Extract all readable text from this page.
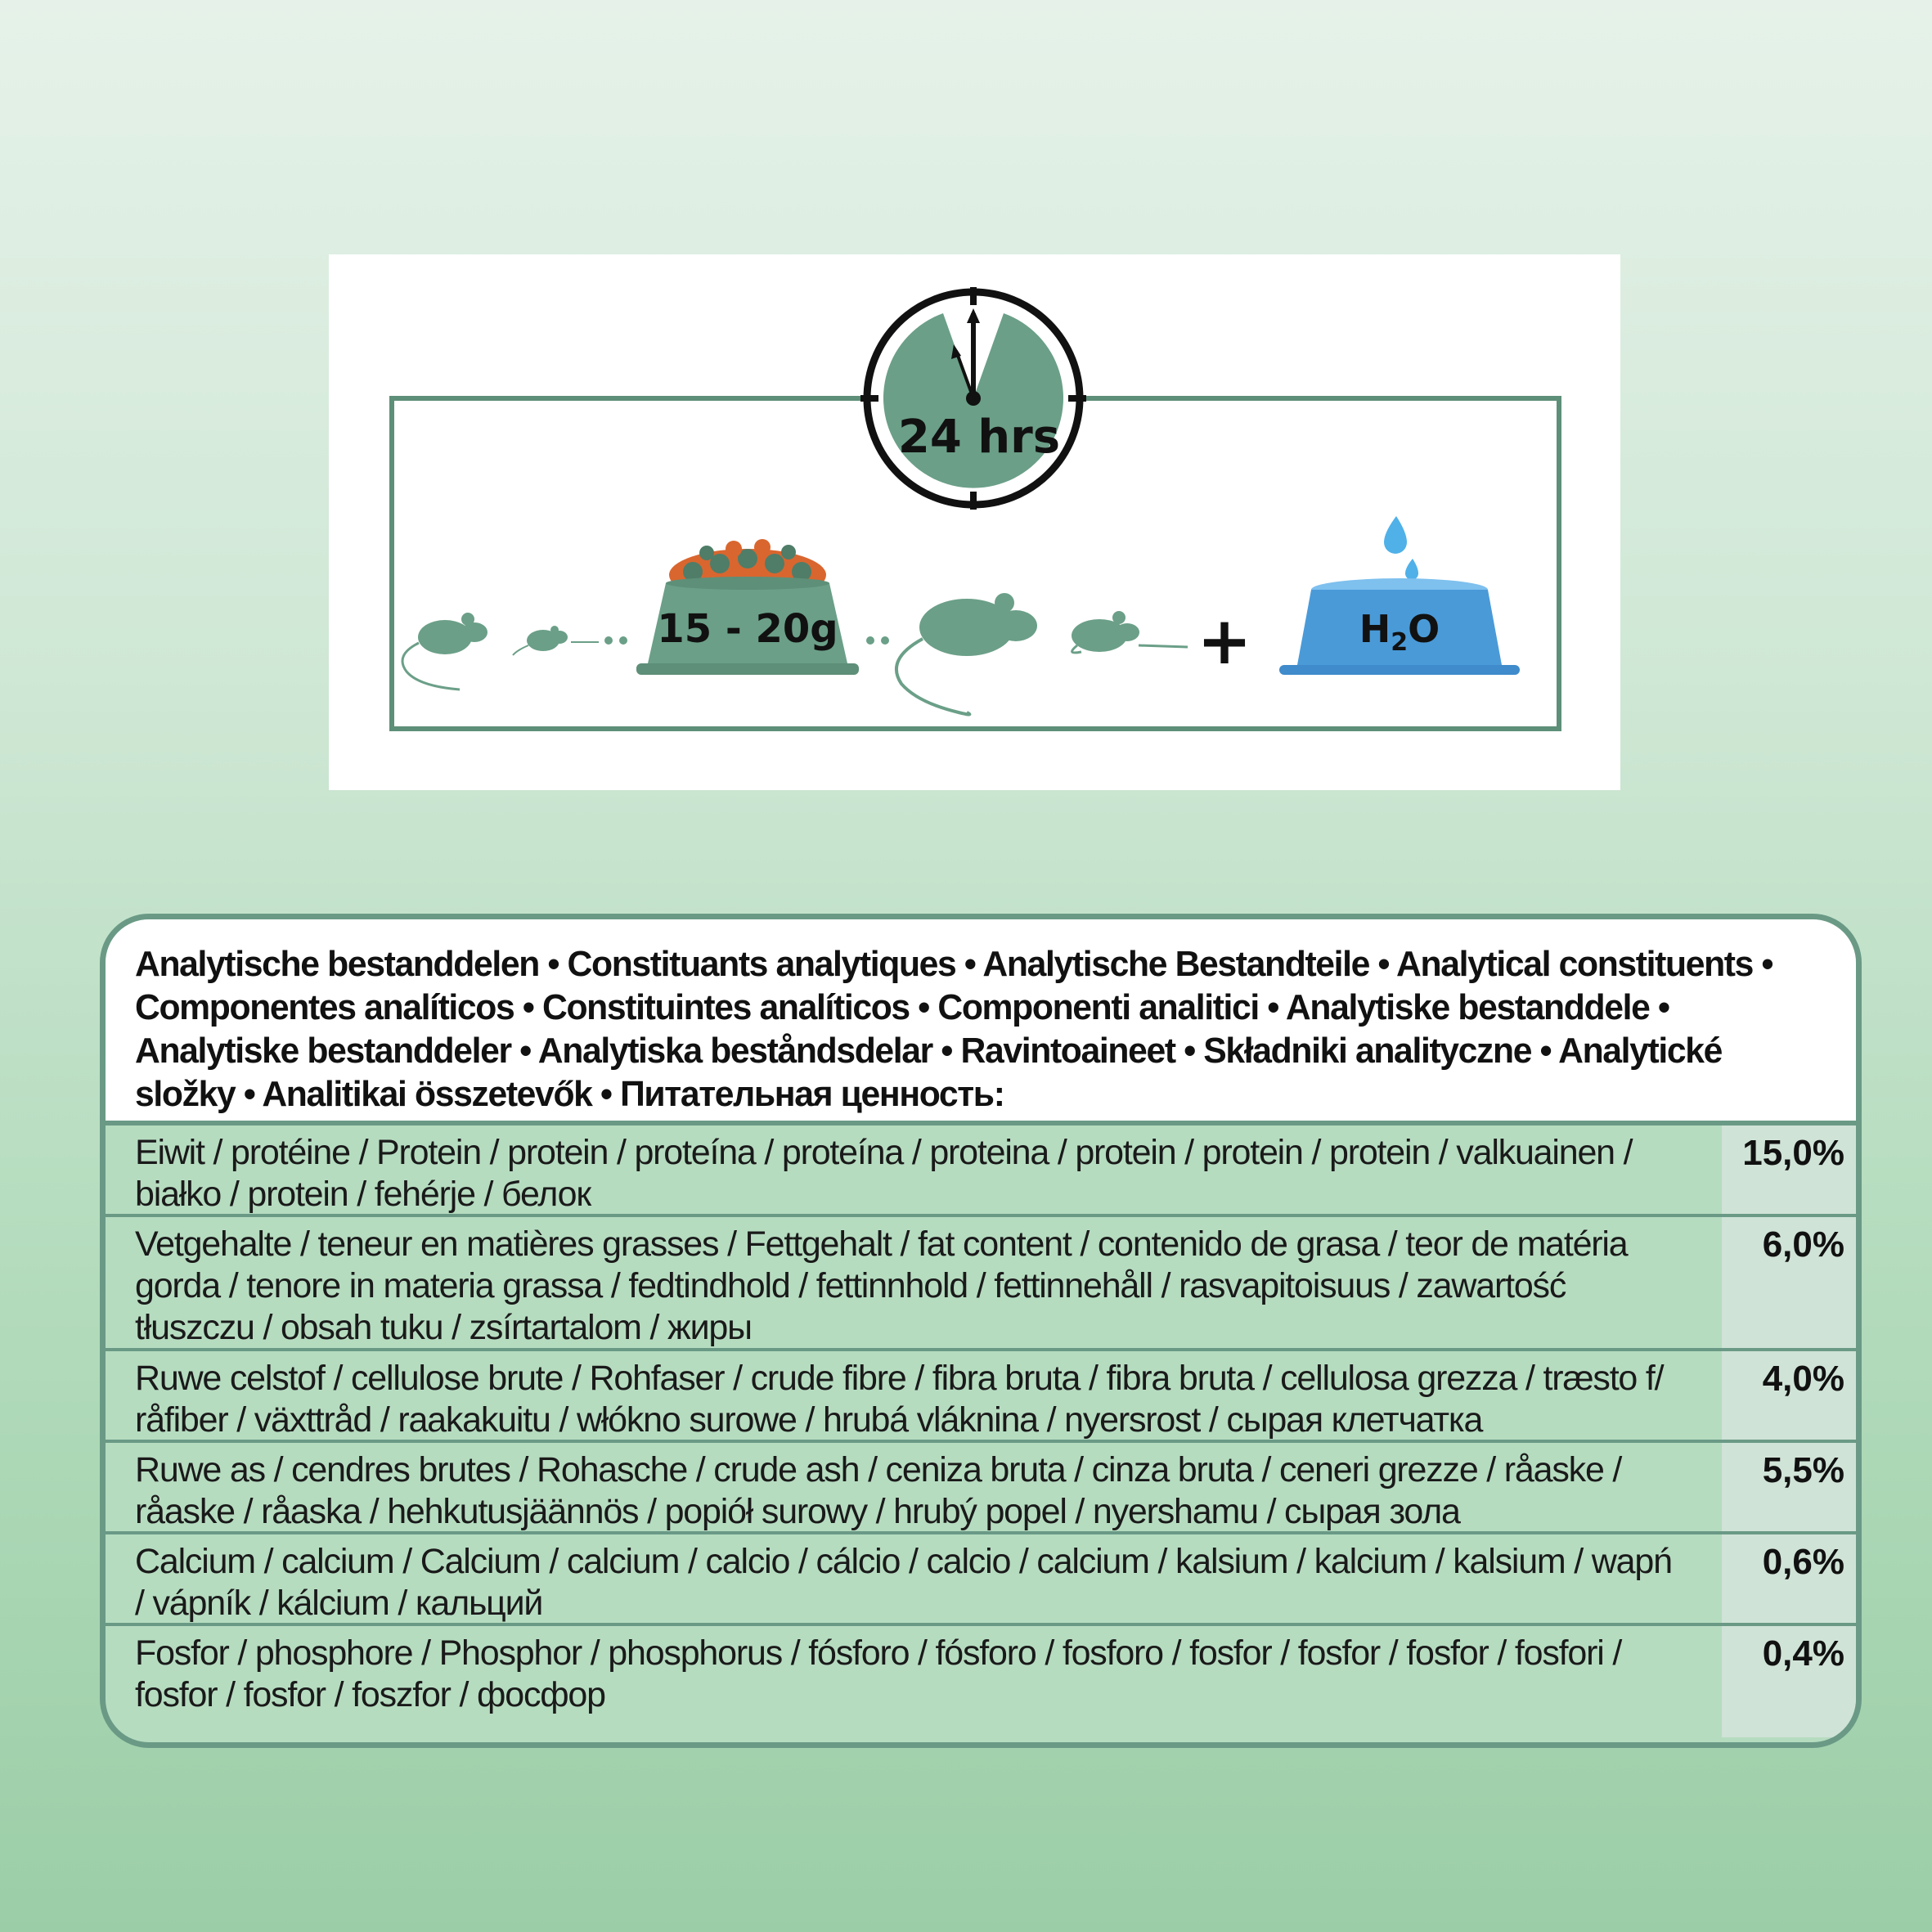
24 hrs
15 - 20g	+	$H_2O$

Analytische bestanddelen • Constituants analytiques • Analytische Bestandteile • Analytical constituents • Componentes analíticos • Constituintes analíticos • Componenti analitici • Analytiske bestanddele • Analytiske bestanddeler • Analytiska beståndsdelar • Ravintoaineet • Składniki analityczne • Analytické složky • Analitikai összetevők • Питательная ценность:

Eiwit / protéine / Protein / protein / proteína / proteína / proteina / protein / protein / protein / valkuainen / białko / protein / fehérje / белок
15,0%
Vetgehalte / teneur en matières grasses / Fettgehalt / fat content / contenido de grasa / teor de matéria gorda / tenore in materia grassa / fedtindhold / fettinnhold / fettinnehåll / rasvapitoisuus / zawartość tłuszczu / obsah tuku / zsírtartalom / жиры
6,0%
Ruwe celstof / cellulose brute / Rohfaser / crude fibre / fibra bruta / fibra bruta / cellulosa grezza / træsto f/ råfiber / växttråd / raakakuitu / włókno surowe / hrubá vláknina / nyersrost / сырая клетчатка
4,0%
Ruwe as / cendres brutes / Rohasche / crude ash / ceniza bruta / cinza bruta / ceneri grezze / råaske / råaske / råaska / hehkutusjäännös / popiół surowy / hrubý popel / nyershamu / сырая зола
5,5%
Calcium / calcium / Calcium / calcium / calcio / cálcio / calcio / calcium / kalsium / kalcium / kalsium / wapń / vápník / kálcium / кальций
0,6%
Fosfor / phosphore / Phosphor / phosphorus / fósforo / fósforo / fosforo / fosfor / fosfor / fosfor / fosfori / fosfor / fosfor / foszfor / фосфор
0,4%
